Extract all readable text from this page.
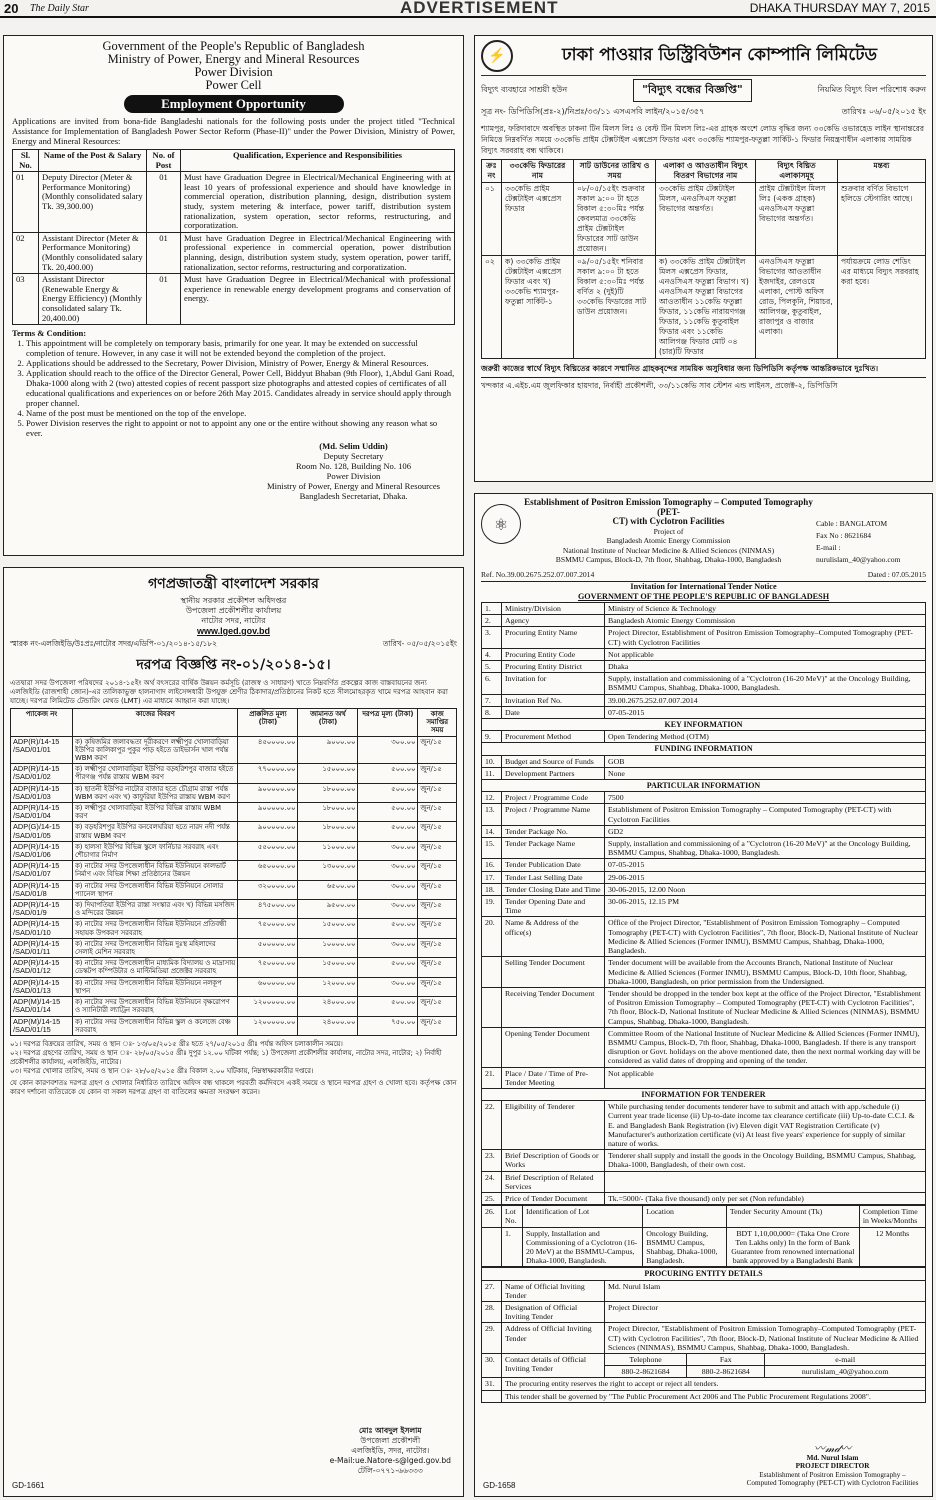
20	The Daily Star	ADVERTISEMENT	DHAKA THURSDAY MAY 7, 2015
Government of the People's Republic of Bangladesh
Ministry of Power, Energy and Mineral Resources
Power Division
Power Cell
Employment Opportunity
Applications are invited from bona-fide Bangladeshi nationals for the following posts under the project titled "Technical Assistance for Implementation of Bangladesh Power Sector Reform (Phase-II)" under the Power Division, Ministry of Power, Energy and Mineral Resources:
Sl. No.	Name of the Post & Salary	No. of Post	Qualification, Experience and Responsibilities
01	Deputy Director (Meter & Performance Monitoring) (Monthly consolidated salary Tk. 39,300.00)	01	Must have Graduation Degree in Electrical/Mechanical Engineering with at least 10 years of professional experience and should have knowledge in commercial operation, distribution planning, design, distribution system study, system metering & interface, power tariff, distribution system rationalization, system operation, sector reforms, restructuring, and corporatization.
02	Assistant Director (Meter & Performance Monitoring) (Monthly consolidated salary Tk. 20,400.00)	01	Must have Graduation Degree in Electrical/Mechanical Engineering with professional experience in commercial operation, power distribution planning, design, distribution system study, system operation, power tariff, rationalization, sector reforms, restructuring and corporatization.
03	Assistant Director (Renewable Energy & Energy Efficiency) (Monthly consolidated salary Tk. 20,400.00)	01	Must have Graduation Degree in Electrical/Mechanical with professional experience in renewable energy development programs and conservation of energy.
Terms & Condition:
1. This appointment will be completely on temporary basis, primarily for one year. It may be extended on successful completion of tenure. However, in any case it will not be extended beyond the completion of the project.
2. Applications should be addressed to the Secretary, Power Division, Ministry of Power, Energy & Mineral Resources.
3. Application should reach to the office of the Director General, Power Cell, Biddyut Bhaban (9th Floor), 1,Abdul Gani Road, Dhaka-1000 along with 2 (two) attested copies of recent passport size photographs and attested copies of certificates of all educational qualifications and experiences on or before 26th May 2015. Candidates already in service should apply through proper channel.
4. Name of the post must be mentioned on the top of the envelope.
5. Power Division reserves the right to appoint or not to appoint any one or the entire without showing any reason what so ever.
(Md. Selim Uddin)
Deputy Secretary
Room No. 128, Building No. 106
Power Division
Ministry of Power, Energy and Mineral Resources
Bangladesh Secretariat, Dhaka.
⚡	ঢাকা পাওয়ার ডিস্ট্রিবিউশন কোম্পানি লিমিটেড
বিদ্যুৎ ব্যবহারে সাশ্রয়ী হউন	"বিদ্যুৎ বন্ধের বিজ্ঞপ্তি"	নিয়মিত বিদ্যুৎ বিল পরিশোধ করুন
সূত্র নং- ডিপিডিসি(প্রঃ-২)/নিপ্রঃ/৩৩/১১ এসএসবি লাইন/২০১৫/৩৫৭	তারিখঃ ০৬/০৫/২০১৫ ইং
শ্যামপুর, ফরিদাবাদে অবস্থিত ঢাকনা টিন মিলস লিঃ ও বেস্ট টিন মিলস লিঃ-এর গ্রাহক অংশে লোড বৃদ্ধির জন্য ৩৩কেভি ওভারহেড লাইন স্থানান্তরের নিমিত্তে নিম্নবর্ণিত সময়ে ৩৩কেভি প্রাইম টেক্সটাইল এক্সপ্রেস ফিডার এবং ৩৩কেভি শ্যামপুর-ফতুল্লা সার্কিট-১ ফিডার নিয়ন্ত্রণাধীন এলাকায় সাময়িক বিদ্যুৎ সরবরাহ বন্ধ থাকিবে।
ক্রঃ নং	৩৩কেভি ফিডারের নাম	সাট ডাউনের তারিখ ও সময়	এলাকা ও আওতাধীন বিদ্যুৎ বিতরণ বিভাগের নাম	বিদ্যুৎ বিঘ্নিত এলাকাসমূহ	মন্তব্য
০১	৩৩কেভি প্রাইম টেক্সটাইল এক্সপ্রেস ফিডার	০৮/০৫/১৫ইং শুক্রবার সকাল ৯:০০ টা হতে বিকাল ৫:৩০মিঃ পর্যন্ত কেবলমাত্র ৩৩কেভি প্রাইম টেক্সটাইল ফিডারের সাট ডাউন প্রয়োজন।	৩৩কেভি প্রাইম টেক্সটাইল মিলস, এনওসিএস ফতুল্লা বিভাগের অন্তর্গত।	প্রাইম টেক্সটাইল মিলস লিঃ (একক গ্রাহক) এনওসিএস ফতুল্লা বিভাগের অন্তর্গত।	শুক্রবার বর্ণিত বিভাগে হলিডে স্টেগারিং আছে।
০২	ক) ৩৩কেভি প্রাইম টেক্সটাইল এক্সপ্রেস ফিডার এবং খ) ৩৩কেভি শ্যামপুর-ফতুল্লা সার্কিট-১	০৯/০৫/১৫ইং শনিবার সকাল ৯:০০ টা হতে বিকাল ৫:৩০মিঃ পর্যন্ত বর্ণিত ২ (দুই)টি ৩৩কেভি ফিডারের সাট ডাউন প্রয়োজন।	ক) ৩৩কেভি প্রাইম টেক্সটাইল মিলস এক্সপ্রেস ফিডার, এনওসিএস ফতুল্লা বিভাগ। খ) এনওসিএস ফতুল্লা বিভাগের আওতাধীন ১১কেভি ফতুল্লা ফিডার, ১১কেভি নারায়ণগঞ্জ ফিডার, ১১কেভি কুতুবাইল ফিডার এবং ১১কেভি আলিগঞ্জ ফিডার মোট ০৪ (চার)টি ফিডার	এনওসিএস ফতুল্লা বিভাগের আওতাধীন ইজদাইর, রেলওয়ে এলাকা, পোস্ট অফিস রোড, পিলকুনি, শিয়াচর, আলিগঞ্জ, কুতুবাইল, রাজাপুর ও বাজার এলাকা।	পর্যায়ক্রমে লোড শেডিং এর মাধ্যমে বিদ্যুৎ সরবরাহ করা হবে।
জরুরী কাজের স্বার্থে বিদ্যুৎ বিঘ্নিতের কারণে সম্মানিত গ্রাহকবৃন্দের সাময়িক অসুবিধার জন্য ডিপিডিসি কর্তৃপক্ষ আন্তরিকভাবে দুঃখিত।
খন্দকার এ.এইচ.এম জুলফিকার হায়দার, নির্বাহী প্রকৌশলী, ৩৩/১১কেভি সাব স্টেশন এন্ড লাইনস, প্রজেক্ট-২, ডিপিডিসি
গণপ্রজাতন্ত্রী বাংলাদেশ সরকার
স্থানীয় সরকার প্রকৌশল অধিদপ্তর
উপজেলা প্রকৌশলীর কার্যালয়
নাটোর সদর, নাটোর
www.lged.gov.bd
স্মারক নং-এলজিইডি/উঃপ্রঃ/নাটোর সদর/এডিপি-০১/২০১৪-১৫/১৮২	তারিখ- ০৫/০৫/২০১৫ইং
দরপত্র বিজ্ঞপ্তি নং-০১/২০১৪-১৫।
এতদ্বারা সদর উপজেলা পরিষদের ২০১৪-১৫ইং অর্থ বৎসরের বার্ষিক উন্নয়ন কর্মসূচি (রাজস্ব ও সাধারণ) খাতে নিম্নবর্ণিত প্রকল্পের কাজ বাস্তবায়নের জন্য এলজিইডি (রাজশাহী জোন)-এর তালিকাভুক্ত হালনাগাদ লাইসেন্সধারী উপযুক্ত শ্রেণীর ঠিকাদার/প্রতিষ্ঠানের নিকট হতে সীলমোহরকৃত খামে দরপত্র আহবান করা যাচ্ছে। দরপত্র লিমিটেড টেন্ডারিং মেথড (LMT) এর মাধ্যমে আহ্বান করা যাচ্ছে।
প্যাকেজ নং	কাজের বিবরণ	প্রাক্কলিত মূল্য (টাকা)	জামানত অর্থ (টাকা)	দরপত্র মূল্য (টাকা)	কাজ সমাপ্তির সময়
ADP(R)/14-15 /SAD/01/01	ক) কৃষিজমির জলাবদ্ধতা দূরীকরণে লক্ষ্মীপুর খোলাবাড়িয়া ইউপির কালিকাপুর পুকুর পাড় হইতে ডাইভার্সন খাল পর্যন্ত WBM করণ	৪৫০০০০.০০	৯০০০.০০	৩০০.০০	জুন/১৫
ADP(R)/14-15 /SAD/01/02	ক) লক্ষ্মীপুর খোলাবাড়িয়া ইউপির বড়হরিশপুর বাজার হইতে পীরগঞ্জ পর্যন্ত রাস্তায় WBM করণ	৭৭০০০০.০০	১৫০০০.০০	৫০০.০০	জুন/১৫
ADP(R)/14-15 /SAD/01/03	ক) ছাতনী ইউপির নাটোর বাজার হতে চৌগ্রাম রাস্তা পর্যন্ত WBM করণ এবং খ) কাফুরিয়া ইউপির রাস্তায় WBM করণ	৯০০০০০.০০	১৮০০০.০০	৫০০.০০	জুন/১৫
ADP(R)/14-15 /SAD/01/04	ক) লক্ষ্মীপুর খোলাবাড়িয়া ইউপির বিভিন্ন রাস্তায় WBM করণ	৯০০০০০.০০	১৮০০০.০০	৫০০.০০	জুন/১৫
ADP(G)/14-15 /SAD/01/05	ক) বড়হরিশপুর ইউপির বনবেলঘরিয়া হতে নারদ নদী পর্যন্ত রাস্তায় WBM করণ	৯০০০০০.০০	১৮০০০.০০	৫০০.০০	জুন/১৫
ADP(R)/14-15 /SAD/01/06	ক) হালসা ইউপির বিভিন্ন স্কুলে ফার্নিচার সরবরাহ এবং শৌচাগার নির্মাণ	৫৫০০০০.০০	১১০০০.০০	৩০০.০০	জুন/১৫
ADP(R)/14-15 /SAD/01/07	ক) নাটোর সদর উপজেলাধীন বিভিন্ন ইউনিয়নে কালভার্ট নির্মাণ এবং বিভিন্ন শিক্ষা প্রতিষ্ঠানের উন্নয়ন	৬৫০০০০.০০	১৩০০০.০০	৩০০.০০	জুন/১৫
ADP(R)/14-15 /SAD/01/8	ক) নাটোর সদর উপজেলাধীন বিভিন্ন ইউনিয়নে সোলার প্যানেল স্থাপন	৩২০০০০.০০	৬৫০০.০০	৩০০.০০	জুন/১৫
ADP(R)/14-15 /SAD/01/9	ক) দিঘাপতিয়া ইউপির রাস্তা সংস্কার এবং খ) বিভিন্ন মসজিদ ও মন্দিরের উন্নয়ন	৪৭৫০০০.০০	৯৫০০.০০	৩০০.০০	জুন/১৫
ADP(R)/14-15 /SAD/01/10	ক) নাটোর সদর উপজেলাধীন বিভিন্ন ইউনিয়নে প্রতিবন্ধী সহায়ক উপকরণ সরবরাহ	৭৫০০০০.০০	১৫০০০.০০	৫০০.০০	জুন/১৫
ADP(R)/14-15 /SAD/01/11	ক) নাটোর সদর উপজেলাধীন বিভিন্ন দুঃস্থ মহিলাদের সেলাই মেশিন সরবরাহ	৫০০০০০.০০	১০০০০.০০	৩০০.০০	জুন/১৫
ADP(R)/14-15 /SAD/01/12	ক) নাটোর সদর উপজেলাধীন মাধ্যমিক বিদ্যালয় ও মাদ্রাসায় ডেস্কটপ কম্পিউটার ও মাল্টিমিডিয়া প্রজেক্টর সরবরাহ	৭৫০০০০.০০	১৫০০০.০০	৫০০.০০	জুন/১৫
ADP(R)/14-15 /SAD/01/13	ক) নাটোর সদর উপজেলাধীন বিভিন্ন ইউনিয়নে নলকূপ স্থাপন	৬০০০০০.০০	১২০০০.০০	৩০০.০০	জুন/১৫
ADP(M)/14-15 /SAD/01/14	ক) নাটোর সদর উপজেলাধীন বিভিন্ন ইউনিয়নে বৃক্ষরোপণ ও স্যানিটারী ল্যাট্রিন সরবরাহ	১২০০০০০.০০	২৪০০০.০০	৫০০.০০	জুন/১৫
ADP(M)/14-15 /SAD/01/15	ক) নাটোর সদর উপজেলাধীন বিভিন্ন স্কুল ও কলেজে বেঞ্চ সরবরাহ	১২০০০০০.০০	২৪০০০.০০	৭৫০.০০	জুন/১৫
০১। দরপত্র বিক্রয়ের তারিখ, সময় ও স্থান ঃ- ১৩/০৫/২০১৫ খ্রীঃ হতে ২৭/০৫/২০১৫ খ্রীঃ পর্যন্ত অফিস চলাকালীন সময়ে।
০২। দরপত্র গ্রহণের তারিখ, সময় ও স্থান ঃ- ২৮/০৫/২০১৫ খ্রীঃ দুপুর ১২.০০ ঘটিকা পর্যন্ত; ১) উপজেলা প্রকৌশলীর কার্যালয়, নাটোর সদর, নাটোর; ২) নির্বাহী প্রকৌশলীর কার্যালয়, এলজিইডি, নাটোর।
০৩। দরপত্র খোলার তারিখ, সময় ও স্থান ঃ- ২৮/০৫/২০১৫ খ্রীঃ বিকাল ২.০০ ঘটিকায়, নিম্নস্বাক্ষরকারীর দপ্তরে।
যে কোন কারণবশতঃ দরপত্র গ্রহণ ও খোলার নির্ধারিত তারিখে অফিস বন্ধ থাকলে পরবর্তী কর্মদিবসে একই সময়ে ও স্থানে দরপত্র গ্রহণ ও খোলা হবে। কর্তৃপক্ষ কোন কারণ দর্শানো ব্যতিরেকে যে কোন বা সকল দরপত্র গ্রহণ বা বাতিলের ক্ষমতা সংরক্ষণ করেন।
মোঃ আবদুল ইসলাম
উপজেলা প্রকৌশলী
এলজিইডি, সদর, নাটোর।
e-Mail:ue.Natore-s@lged.gov.bd
টেলি-০৭৭১-৬৬৩৩৩
GD-1661
⚛
Establishment of Positron Emission Tomography – Computed Tomography (PET-
CT) with Cyclotron Facilities
Project of
Bangladesh Atomic Energy Commission
National Institute of Nuclear Medicine & Allied Sciences (NINMAS)
BSMMU Campus, Block-D, 7th floor, Shahbag, Dhaka-1000, Bangladesh
Cable : BANGLATOM
Fax No : 8621684
E-mail : nurulislam_40@yahoo.com
Ref. No.39.00.2675.252.07.007.2014	Dated : 07.05.2015
Invitation for International Tender Notice
GOVERNMENT OF THE PEOPLE'S REPUBLIC OF BANGLADESH
1.	Ministry/Division	Ministry of Science & Technology
2.	Agency	Bangladesh Atomic Energy Commission
3.	Procuring Entity Name	Project Director, Establishment of Positron Emission Tomography–Computed Tomography (PET-CT) with Cyclotron Facilities
4.	Procuring Entity Code	Not applicable
5.	Procuring Entity District	Dhaka
6.	Invitation for	Supply, installation and commissioning of a "Cyclotron (16-20 MeV)" at the Oncology Building, BSMMU Campus, Shahbag, Dhaka-1000, Bangladesh.
7.	Invitation Ref No.	39.00.2675.252.07.007.2014
8.	Date	07-05-2015
KEY INFORMATION		
9.	Procurement Method	Open Tendering Method (OTM)
FUNDING INFORMATION		
10.	Budget and Source of Funds	GOB
11.	Development Partners	None
PARTICULAR INFORMATION		
12.	Project / Programme Code	7500
13.	Project / Programme Name	Establishment of Positron Emission Tomography – Computed Tomography (PET-CT) with Cyclotron Facilities
14.	Tender Package No.	GD2
15.	Tender Package Name	Supply, installation and commissioning of a "Cyclotron (16-20 MeV)" at the Oncology Building, BSMMU Campus, Shahbag, Dhaka-1000, Bangladesh.
16.	Tender Publication Date	07-05-2015
17.	Tender Last Selling Date	29-06-2015
18.	Tender Closing Date and Time	30-06-2015, 12.00 Noon
19.	Tender Opening Date and Time	30-06-2015, 12.15 PM
20.	Name & Address of the office(s)	Office of the Project Director, "Establishment of Positron Emission Tomography – Computed Tomography (PET-CT) with Cyclotron Facilities", 7th floor, Block-D, National Institute of Nuclear Medicine & Allied Sciences (Former INMU), BSMMU Campus, Shahbag, Dhaka-1000, Bangladesh.
	Selling Tender Document	Tender document will be available from the Accounts Branch, National Institute of Nuclear Medicine & Allied Sciences (Former INMU), BSMMU Campus, Block-D, 10th floor, Shahbag, Dhaka-1000, Bangladesh, on prior permission from the Undersigned.
	Receiving Tender Document	Tender should be dropped in the tender box kept at the office of the Project Director, "Establishment of Positron Emission Tomography – Computed Tomography (PET-CT) with Cyclotron Facilities", 7th floor, Block-D, National Institute of Nuclear Medicine & Allied Sciences (NINMAS), BSMMU Campus, Shahbag, Dhaka-1000, Bangladesh.
	Opening Tender Document	Committee Room of the National Institute of Nuclear Medicine & Allied Sciences (Former INMU), BSMMU Campus, Block-D, 7th floor, Shahbag, Dhaka-1000, Bangladesh. If there is any transport disruption or Govt. holidays on the above mentioned date, then the next normal working day will be considered as valid dates of dropping and opening of the tender.
21.	Place / Date / Time of Pre-Tender Meeting	Not applicable
INFORMATION FOR TENDERER		
22.	Eligibility of Tenderer	While purchasing tender documents tenderer have to submit and attach with app./schedule (i) Current year trade license (ii) Up-to-date income tax clearance certificate (iii) Up-to-date C.C.I. & E. and Bangladesh Bank Registration (iv) Eleven digit VAT Registration Certificate (v) Manufacturer's authorization certificate (vi) At least five years' experience for supply of similar nature of works.
23.	Brief Description of Goods or Works	Tenderer shall supply and install the goods in the Oncology Building, BSMMU Campus, Shahbag, Dhaka-1000, Bangladesh, of their own cost.
24.	Brief Description of Related Services	
25.	Price of Tender Document	Tk.=5000/- (Taka five thousand) only per set (Non refundable)
26.	Lot No.	Identification of Lot	Location	Tender Security Amount (Tk)	Completion Time in Weeks/Months
	1.	Supply, Installation and Commissioning of a Cyclotron (16-20 MeV) at the BSMMU-Campus, Dhaka-1000, Bangladesh.	Oncology Building, BSMMU Campus, Shahbag, Dhaka-1000, Bangladesh.	BDT 1,10,00,000= (Taka One Crore Ten Lakhs only) In the form of Bank Guarantee from renowned international bank approved by a Bangladeshi Bank	12 Months
PROCURING ENTITY DETAILS				
27.	Name of Official Inviting Tender	Md. Nurul Islam		
28.	Designation of Official Inviting Tender	Project Director		
29.	Address of Official Inviting Tender	Project Director, "Establishment of Positron Emission Tomography–Computed Tomography (PET-CT) with Cyclotron Facilities", 7th floor, Block-D, National Institute of Nuclear Medicine & Allied Sciences (NINMAS), BSMMU Campus, Shahbag, Dhaka-1000, Bangladesh.		
30.	Contact details of Official Inviting Tender	Telephone	Fax	e-mail
		880-2-8621684	880-2-8621684	nurulislam_40@yahoo.com
31.	The procuring entity reserves the right to accept or reject all tenders.			
	This tender shall be governed by "The Public Procurement Act 2006 and The Public Procurement Regulations 2008".			
〰𝓂𝒹〰
Md. Nurul Islam
PROJECT DIRECTOR
Establishment of Positron Emission Tomography – Computed Tomography (PET-CT) with Cyclotron Facilities
GD-1658
